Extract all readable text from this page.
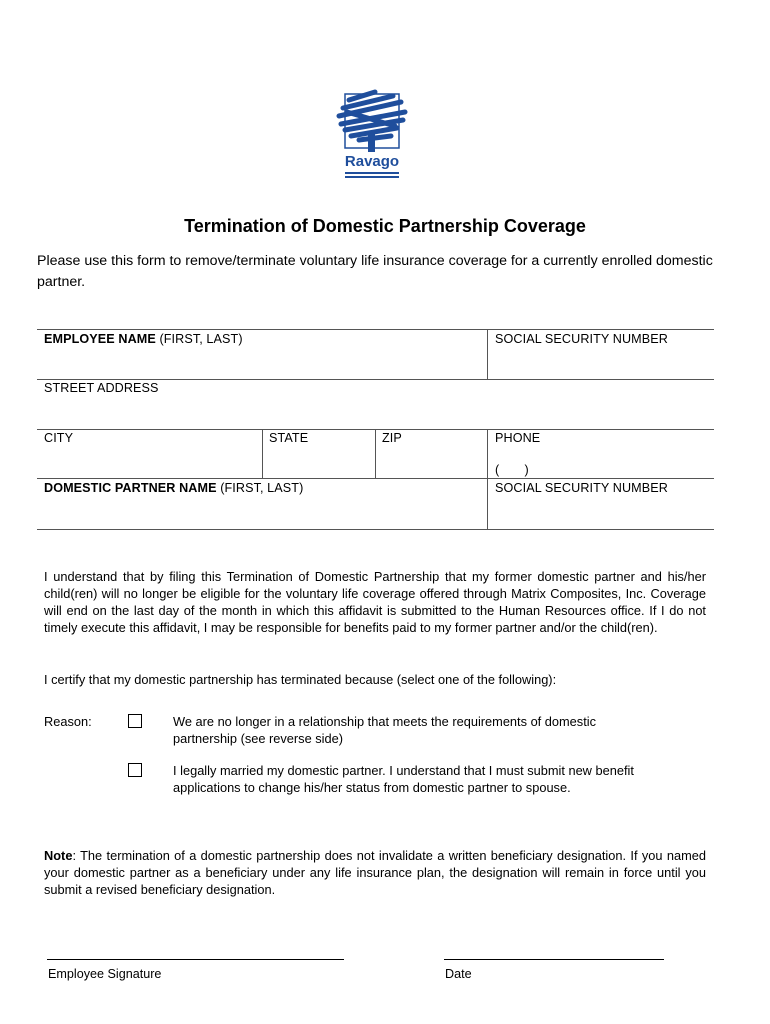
Ravago
Termination of Domestic Partnership Coverage
Please use this form to remove/terminate voluntary life insurance coverage for a currently enrolled domestic partner.
EMPLOYEE NAME (FIRST, LAST)	SOCIAL SECURITY NUMBER
STREET ADDRESS
CITY	STATE	ZIP	PHONE
(       )
DOMESTIC PARTNER NAME (FIRST, LAST)	SOCIAL SECURITY NUMBER
I understand that by filing this Termination of Domestic Partnership that my former domestic partner and his/her child(ren) will no longer be eligible for the voluntary life coverage offered through Matrix Composites, Inc. Coverage will end on the last day of the month in which this affidavit is submitted to the Human Resources office. If I do not timely execute this affidavit, I may be responsible for benefits paid to my former partner and/or the child(ren).
I certify that my domestic partnership has terminated because (select one of the following):
Reason:	We are no longer in a relationship that meets the requirements of domestic
partnership (see reverse side)
I legally married my domestic partner. I understand that I must submit new benefit
applications to change his/her status from domestic partner to spouse.
Note: The termination of a domestic partnership does not invalidate a written beneficiary designation. If you named your domestic partner as a beneficiary under any life insurance plan, the designation will remain in force until you submit a revised beneficiary designation.
Employee Signature	Date
